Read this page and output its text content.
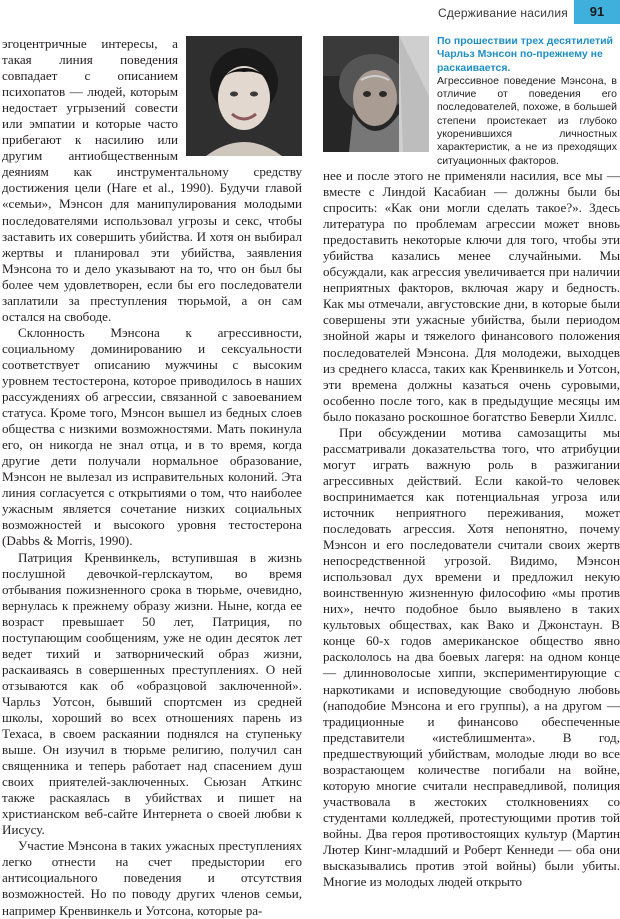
Сдерживание насилия	91
По прошествии трех десятилетий Чарльз Мэнсон по-прежнему не раскаивается.
Агрессивное поведение Мэнсона, в отличие от поведения его последователей, похоже, в большей степени проистекает из глубоко укоренившихся личностных характеристик, а не из преходящих ситуационных факторов.

эгоцентричные интересы, а такая линия поведения совпадает с описанием психопатов — людей, которым недостает угрызений совести или эмпатии и которые часто прибегают к насилию или другим антиобщественным деяниям как инструментальному средству достижения цели (Hare et al., 1990). Будучи главой «семьи», Мэнсон для манипулирования молодыми последователями использовал угрозы и секс, чтобы заставить их совершить убийства. И хотя он выбирал жертвы и планировал эти убийства, заявления Мэнсона то и дело указывают на то, что он был бы более чем удовлетворен, если бы его последователи заплатили за преступления тюрьмой, а он сам остался на свободе.

Склонность Мэнсона к агрессивности, социальному доминированию и сексуальности соответствует описанию мужчины с высоким уровнем тестостерона, которое приводилось в наших рассуждениях об агрессии, связанной с завоеванием статуса. Кроме того, Мэнсон вышел из бедных слоев общества с низкими возможностями. Мать покинула его, он никогда не знал отца, и в то время, когда другие дети получали нормальное образование, Мэнсон не вылезал из исправительных колоний. Эта линия согласуется с открытиями о том, что наиболее ужасным является сочетание низких социальных возможностей и высокого уровня тестостерона (Dabbs & Morris, 1990).

Патриция Кренвинкель, вступившая в жизнь послушной девочкой-герлскаутом, во время отбывания пожизненного срока в тюрьме, очевидно, вернулась к прежнему образу жизни. Ныне, когда ее возраст превышает 50 лет, Патриция, по поступающим сообщениям, уже не один десяток лет ведет тихий и затворнический образ жизни, раскаиваясь в совершенных преступлениях. О ней отзываются как об «образцовой заключенной». Чарльз Уотсон, бывший спортсмен из средней школы, хороший во всех отношениях парень из Техаса, в своем раскаянии поднялся на ступеньку выше. Он изучил в тюрьме религию, получил сан священника и теперь работает над спасением душ своих приятелей-заключенных. Сьюзан Аткинс также раскаялась в убийствах и пишет на христианском веб-сайте Интернета о своей любви к Иисусу.

Участие Мэнсона в таких ужасных преступлениях легко отнести на счет предыстории его антисоциального поведения и отсутствия возможностей. Но по поводу других членов семьи, например Кренвинкель и Уотсона, которые ра-

нее и после этого не применяли насилия, все мы — вместе с Линдой Касабиан — должны были бы спросить: «Как они могли сделать такое?». Здесь литература по проблемам агрессии может вновь предоставить некоторые ключи для того, чтобы эти убийства казались менее случайными. Мы обсуждали, как агрессия увеличивается при наличии неприятных факторов, включая жару и бедность. Как мы отмечали, августовские дни, в которые были совершены эти ужасные убийства, были периодом знойной жары и тяжелого финансового положения последователей Мэнсона. Для молодежи, выходцев из среднего класса, таких как Кренвинкель и Уотсон, эти времена должны казаться очень суровыми, особенно после того, как в предыдущие месяцы им было показано роскошное богатство Беверли Хиллс.

При обсуждении мотива самозащиты мы рассматривали доказательства того, что атрибуции могут играть важную роль в разжигании агрессивных действий. Если какой-то человек воспринимается как потенциальная угроза или источник неприятного переживания, может последовать агрессия. Хотя непонятно, почему Мэнсон и его последователи считали своих жертв непосредственной угрозой. Видимо, Мэнсон использовал дух времени и предложил некую воинственную жизненную философию «мы против них», нечто подобное было выявлено в таких культовых обществах, как Вако и Джонстаун. В конце 60-х годов американское общество явно раскололось на два боевых лагеря: на одном конце — длинноволосые хиппи, экспериментирующие с наркотиками и исповедующие свободную любовь (наподобие Мэнсона и его группы), а на другом — традиционные и финансово обеспеченные представители «истеблишмента». В год, предшествующий убийствам, молодые люди во все возрастающем количестве погибали на войне, которую многие считали несправедливой, полиция участвовала в жестоких столкновениях со студентами колледжей, протестующими против той войны. Два героя противостоящих культур (Мартин Лютер Кинг-младший и Роберт Кеннеди — оба они высказывались против этой войны) были убиты. Многие из молодых людей открыто
